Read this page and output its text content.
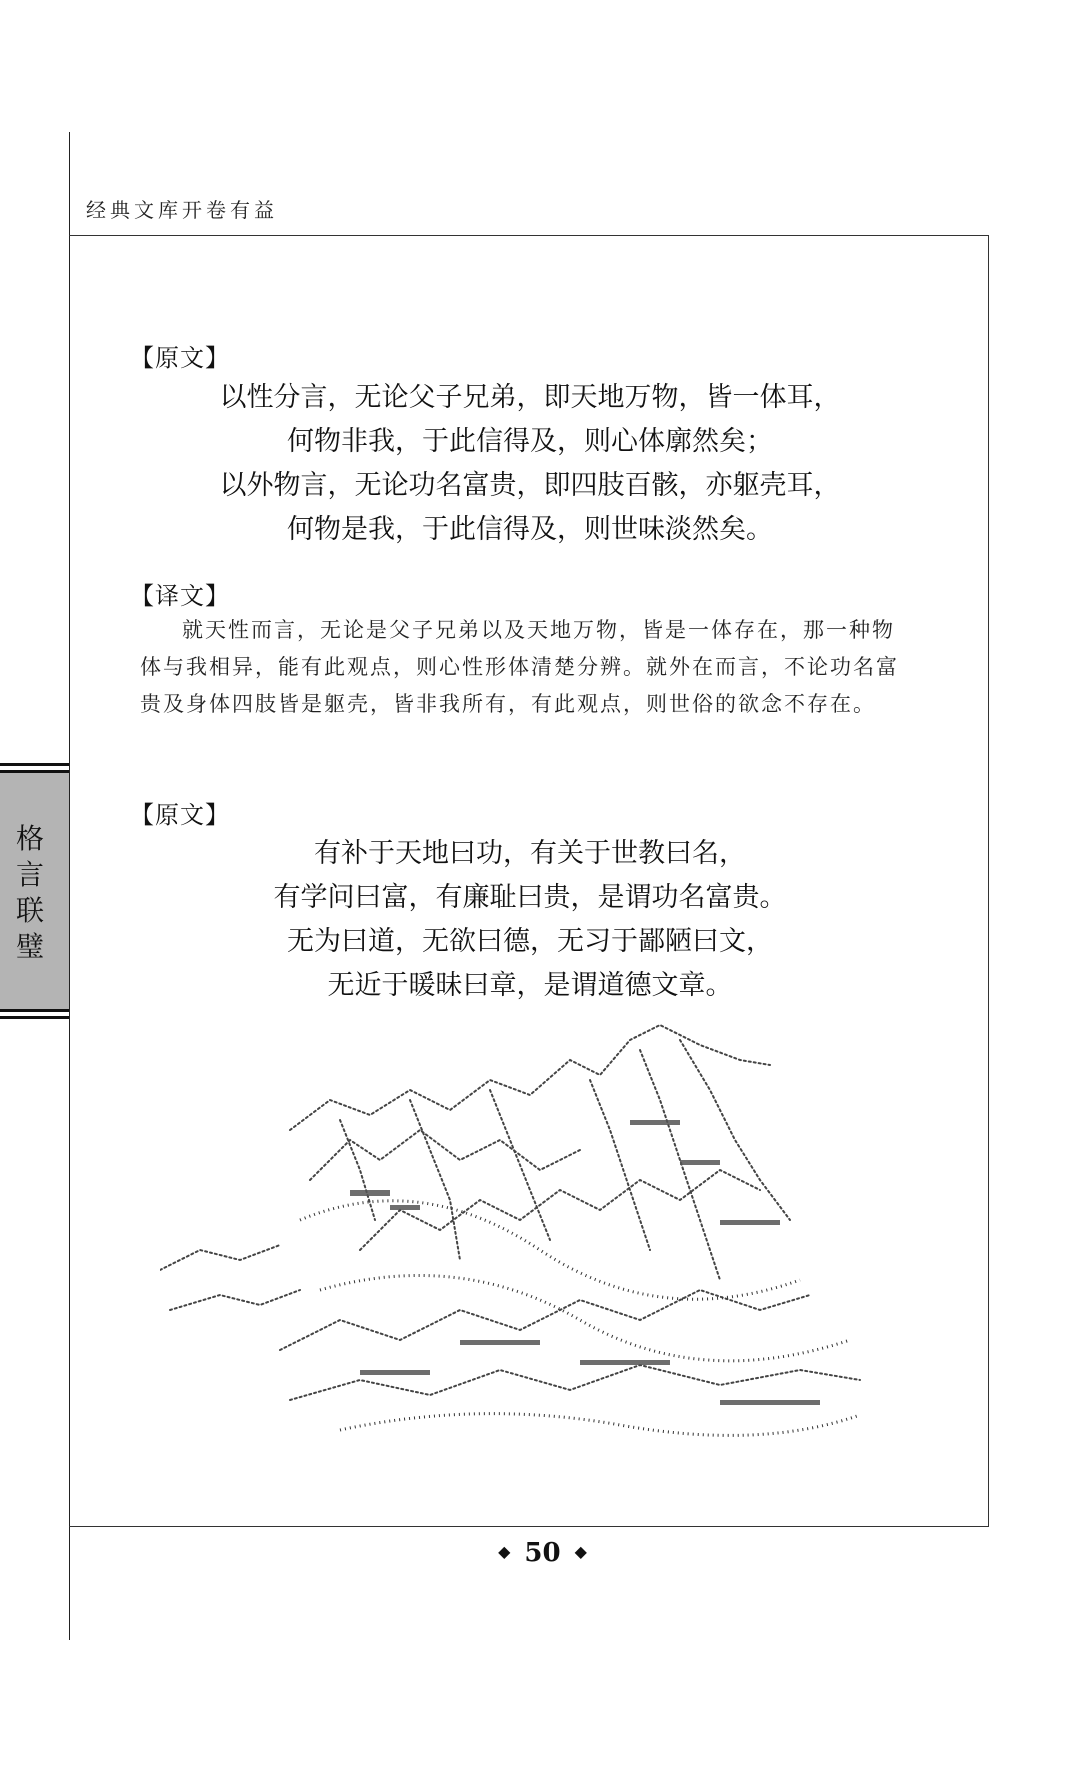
经典文库开卷有益
【原文】
以性分言，无论父子兄弟，即天地万物，皆一体耳，
何物非我，于此信得及，则心体廓然矣；
以外物言，无论功名富贵，即四肢百骸，亦躯壳耳，
何物是我，于此信得及，则世味淡然矣。
【译文】
就天性而言，无论是父子兄弟以及天地万物，皆是一体存在，那一种物体与我相异，能有此观点，则心性形体清楚分辨。就外在而言，不论功名富贵及身体四肢皆是躯壳，皆非我所有，有此观点，则世俗的欲念不存在。
【原文】
有补于天地曰功，有关于世教曰名，
有学问曰富，有廉耻曰贵，是谓功名富贵。
无为曰道，无欲曰德，无习于鄙陋曰文，
无近于暖昧曰章，是谓道德文章。
格
言
联
璧
◆ 50 ◆
